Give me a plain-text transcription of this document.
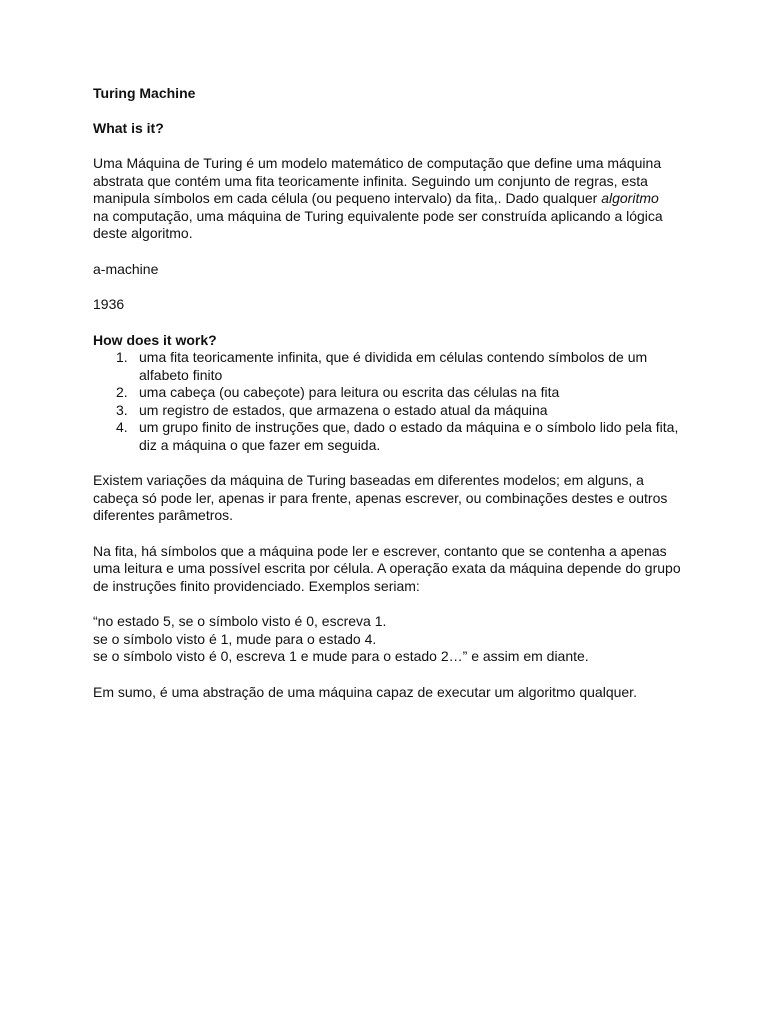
Turing Machine

What is it?

Uma Máquina de Turing é um modelo matemático de computação que define uma máquina abstrata que contém uma fita teoricamente infinita. Seguindo um conjunto de regras, esta manipula símbolos em cada célula (ou pequeno intervalo) da fita,. Dado qualquer algoritmo
na computação, uma máquina de Turing equivalente pode ser construída aplicando a lógica deste algoritmo.

a-machine

1936

How does it work?

1. uma fita teoricamente infinita, que é dividida em células contendo símbolos de um alfabeto finito
2. uma cabeça (ou cabeçote) para leitura ou escrita das células na fita
3. um registro de estados, que armazena o estado atual da máquina
4. um grupo finito de instruções que, dado o estado da máquina e o símbolo lido pela fita, diz a máquina o que fazer em seguida.

Existem variações da máquina de Turing baseadas em diferentes modelos; em alguns, a cabeça só pode ler, apenas ir para frente, apenas escrever, ou combinações destes e outros diferentes parâmetros.

Na fita, há símbolos que a máquina pode ler e escrever, contanto que se contenha a apenas uma leitura e uma possível escrita por célula. A operação exata da máquina depende do grupo de instruções finito providenciado. Exemplos seriam:

“no estado 5, se o símbolo visto é 0, escreva 1.
se o símbolo visto é 1, mude para o estado 4.
se o símbolo visto é 0, escreva 1 e mude para o estado 2…” e assim em diante.

Em sumo, é uma abstração de uma máquina capaz de executar um algoritmo qualquer.
